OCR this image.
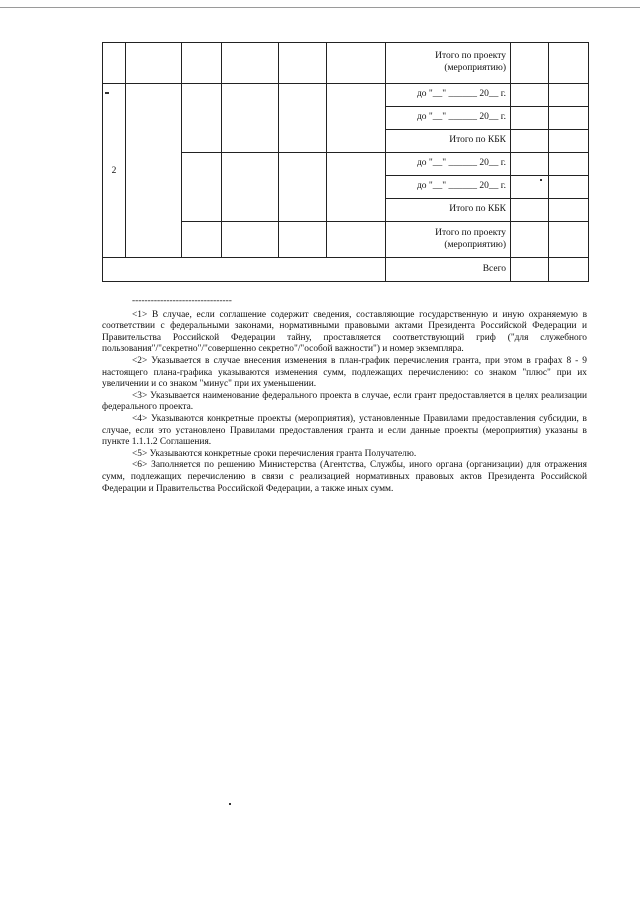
						Итого по проекту (мероприятию)		
2						до "__" ______ 20__ г.		
						до "__" ______ 20__ г.		
						Итого по КБК		
						до "__" ______ 20__ г.		
						до "__" ______ 20__ г.		
						Итого по КБК		
						Итого по проекту (мероприятию)		
						Всего		

--------------------------------

<1> В случае, если соглашение содержит сведения, составляющие государственную и иную охраняемую в соответствии с федеральными законами, нормативными правовыми актами Президента Российской Федерации и Правительства Российской Федерации тайну, проставляется соответствующий гриф ("для служебного пользования"/"секретно"/"совершенно секретно"/"особой важности") и номер экземпляра.

<2> Указывается в случае внесения изменения в план-график перечисления гранта, при этом в графах 8 - 9 настоящего плана-графика указываются изменения сумм, подлежащих перечислению: со знаком "плюс" при их увеличении и со знаком "минус" при их уменьшении.

<3> Указывается наименование федерального проекта в случае, если грант предоставляется в целях реализации федерального проекта.

<4> Указываются конкретные проекты (мероприятия), установленные Правилами предоставления субсидии, в случае, если это установлено Правилами предоставления гранта и если данные проекты (мероприятия) указаны в пункте 1.1.1.2 Соглашения.

<5> Указываются конкретные сроки перечисления гранта Получателю.

<6> Заполняется по решению Министерства (Агентства, Службы, иного органа (организации) для отражения сумм, подлежащих перечислению в связи с реализацией нормативных правовых актов Президента Российской Федерации и Правительства Российской Федерации, а также иных сумм.
